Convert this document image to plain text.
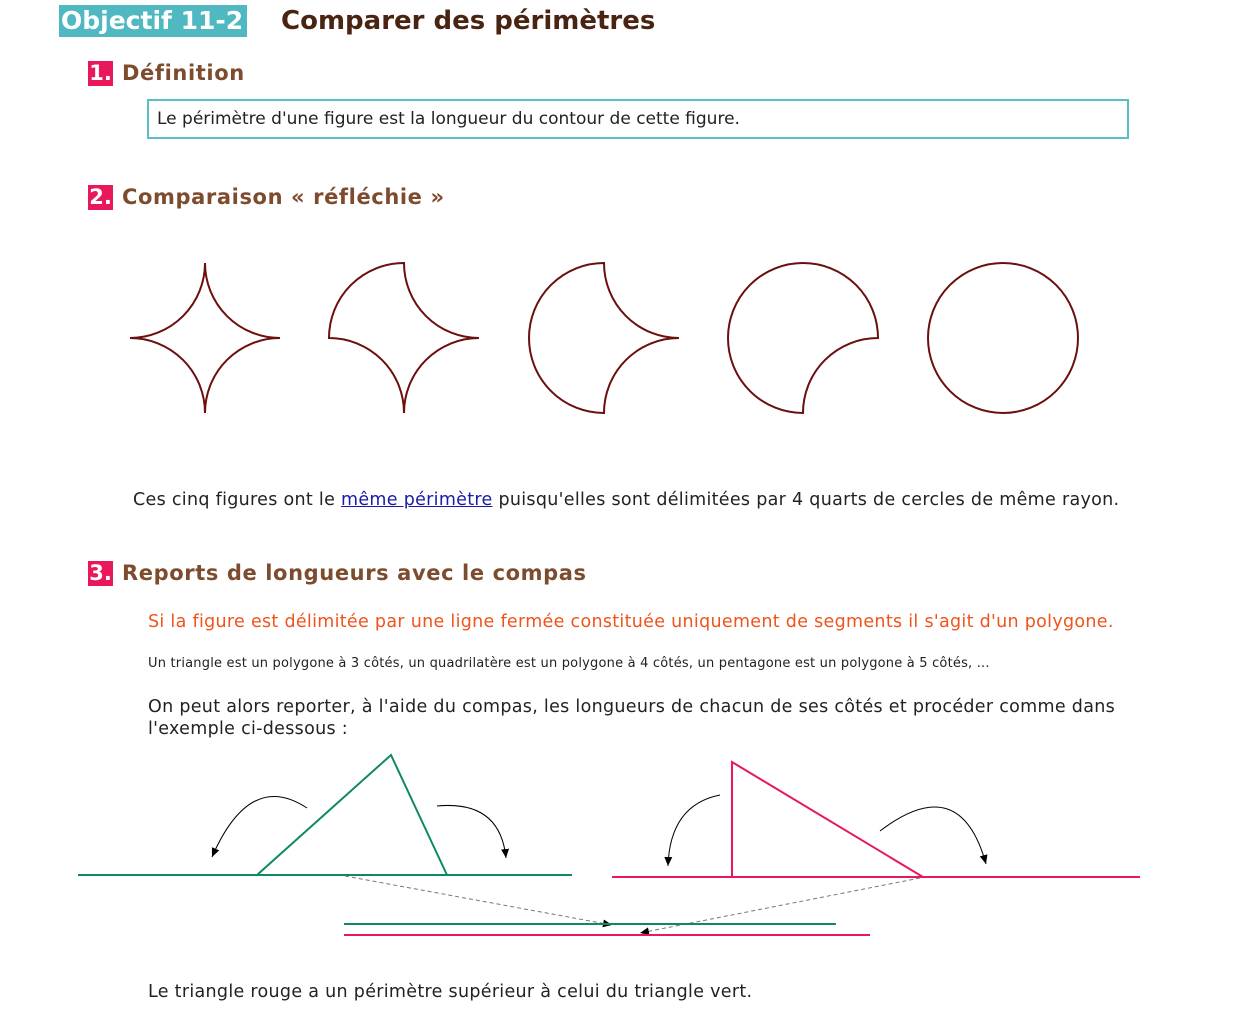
Objectif 11-2 Comparer des périmètres
1. Définition
Le périmètre d'une figure est la longueur du contour de cette figure.
2. Comparaison « réfléchie »
Ces cinq figures ont le même périmètre puisqu'elles sont délimitées par 4 quarts de cercles de même rayon.
3. Reports de longueurs avec le compas
Si la figure est délimitée par une ligne fermée constituée uniquement de segments il s'agit d'un polygone.
Un triangle est un polygone à 3 côtés, un quadrilatère est un polygone à 4 côtés, un pentagone est un polygone à 5 côtés, ...
On peut alors reporter, à l'aide du compas, les longueurs de chacun de ses côtés et procéder comme dans l'exemple ci-dessous :
Le triangle rouge a un périmètre supérieur à celui du triangle vert.
